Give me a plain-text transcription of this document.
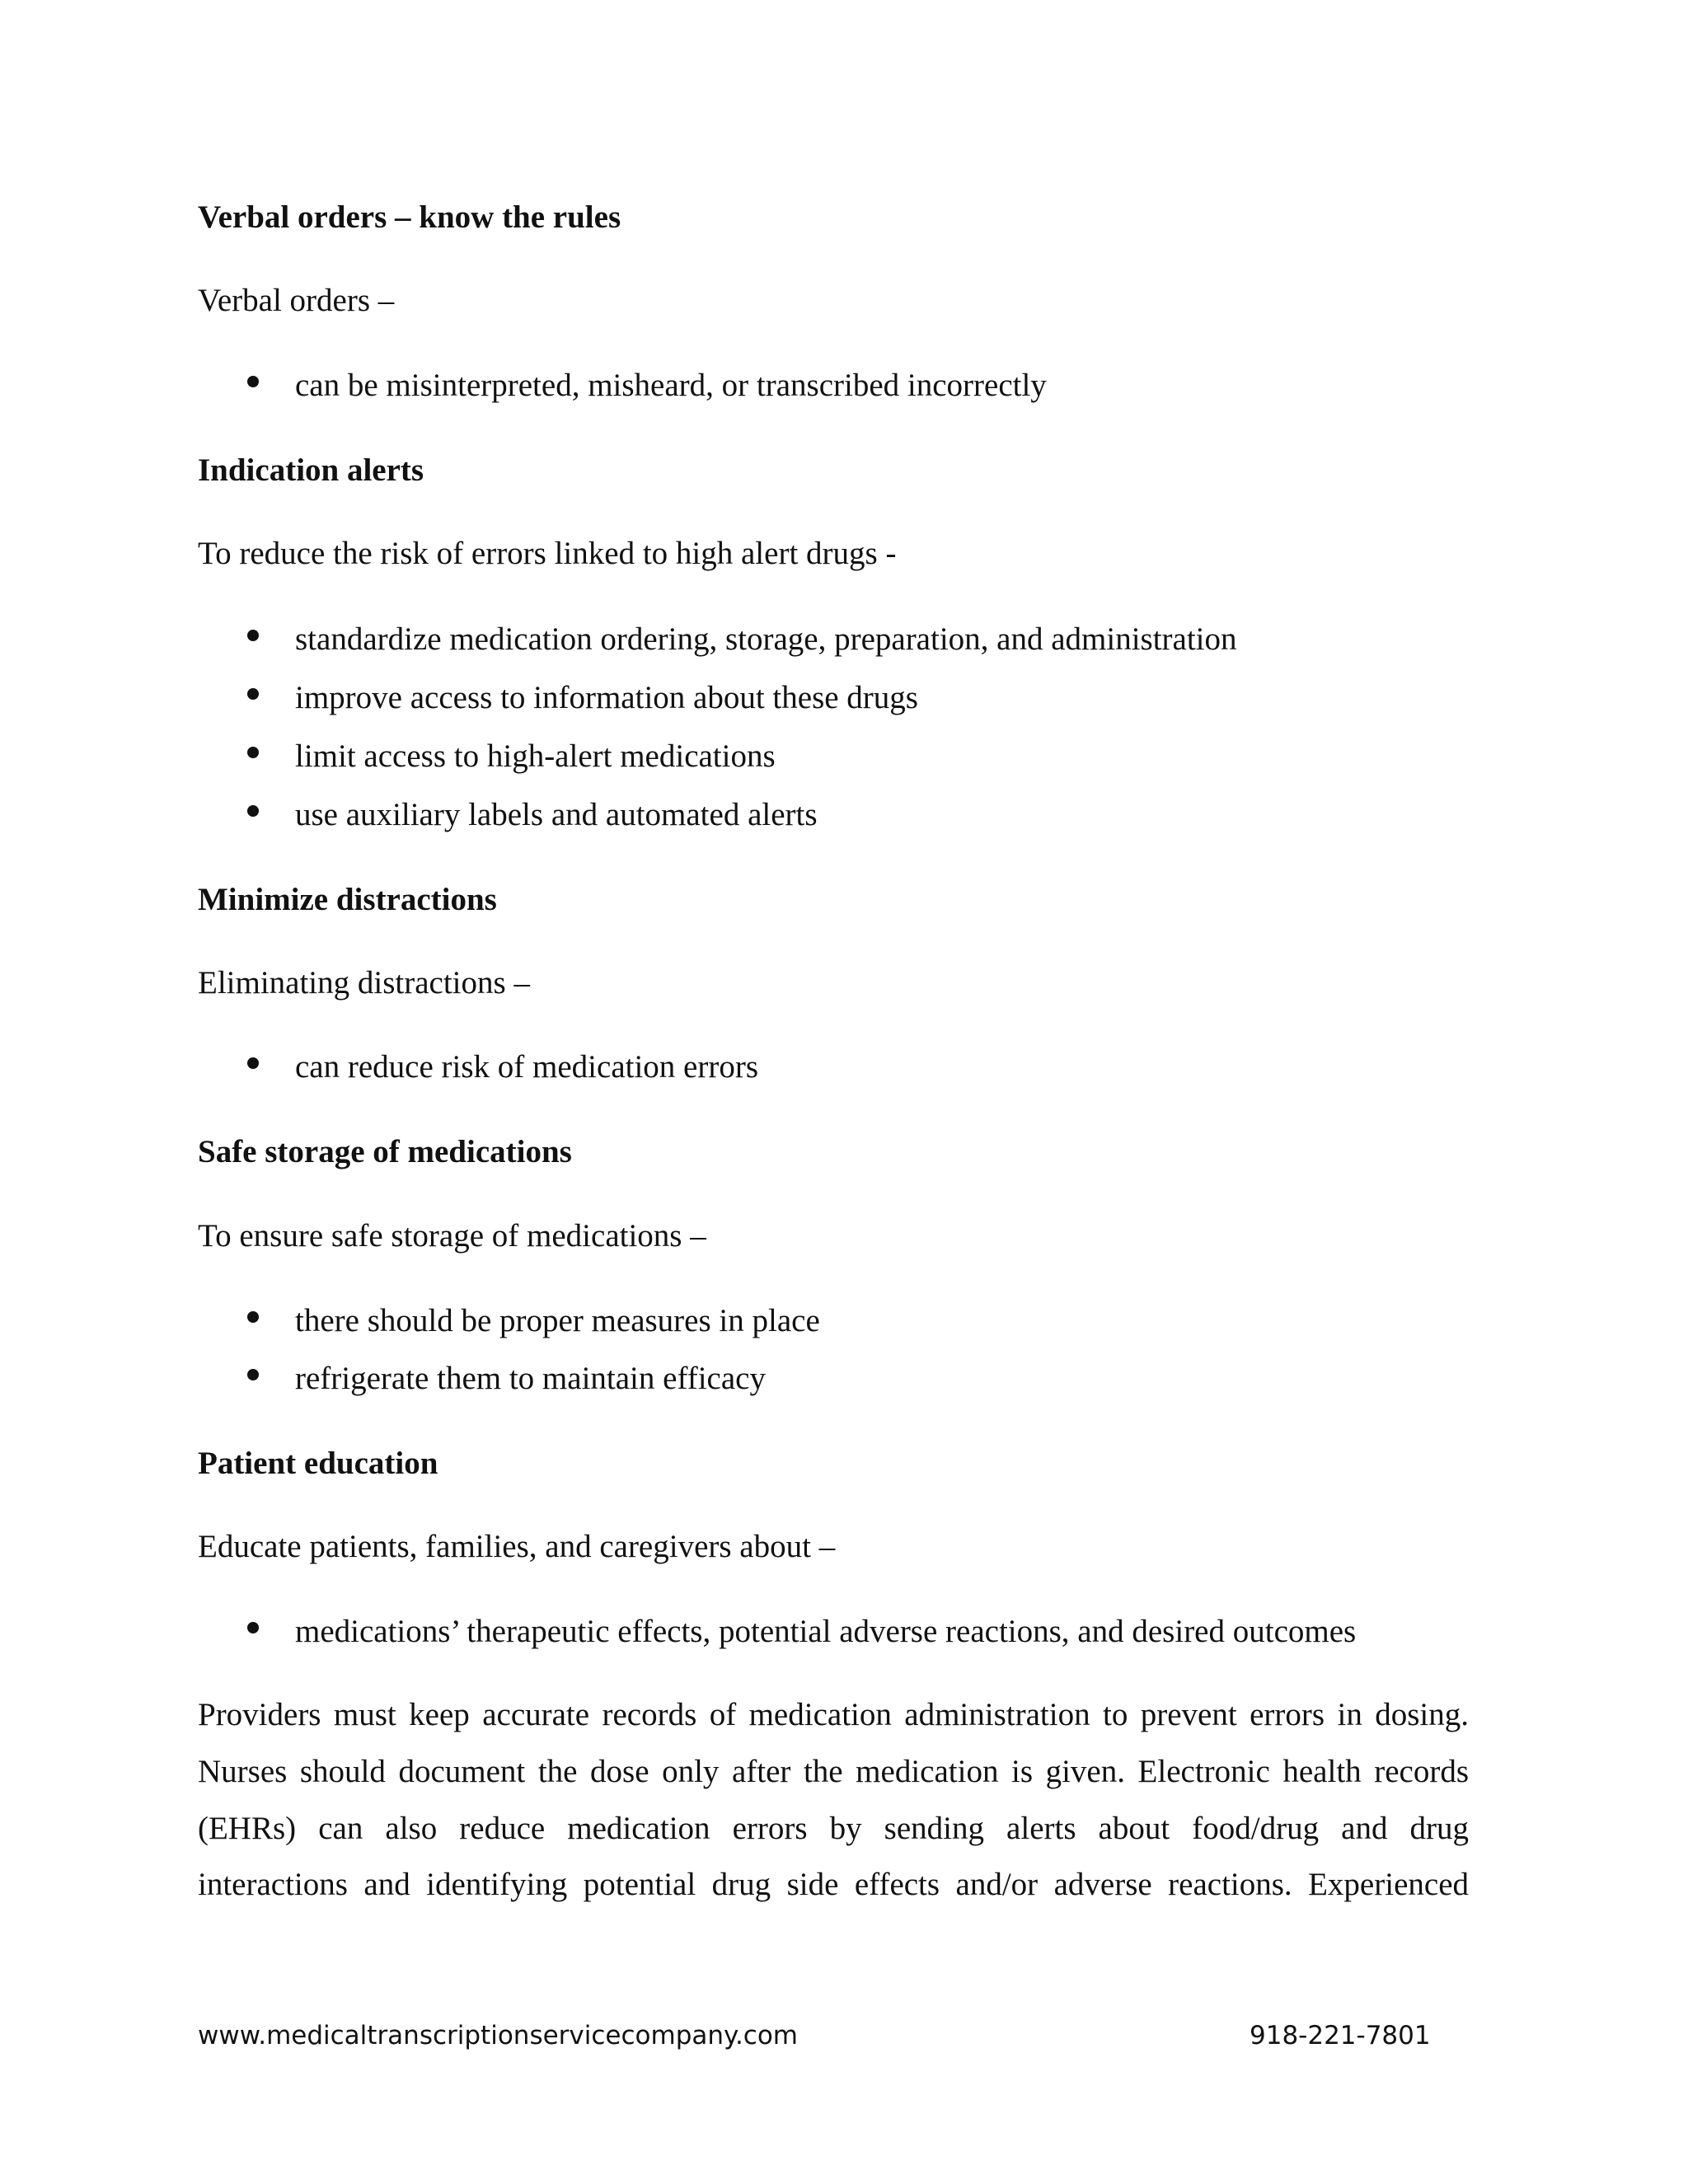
Verbal orders – know the rules
Verbal orders –
can be misinterpreted, misheard, or transcribed incorrectly
Indication alerts
To reduce the risk of errors linked to high alert drugs -
standardize medication ordering, storage, preparation, and administration
improve access to information about these drugs
limit access to high-alert medications
use auxiliary labels and automated alerts
Minimize distractions
Eliminating distractions –
can reduce risk of medication errors
Safe storage of medications
To ensure safe storage of medications –
there should be proper measures in place
refrigerate them to maintain efficacy
Patient education
Educate patients, families, and caregivers about –
medications’ therapeutic effects, potential adverse reactions, and desired outcomes
Providers must keep accurate records of medication administration to prevent errors in dosing.
Nurses should document the dose only after the medication is given. Electronic health records
(EHRs) can also reduce medication errors by sending alerts about food/drug and drug
interactions and identifying potential drug side effects and/or adverse reactions. Experienced
www.medicaltranscriptionservicecompany.com	918-221-7801
